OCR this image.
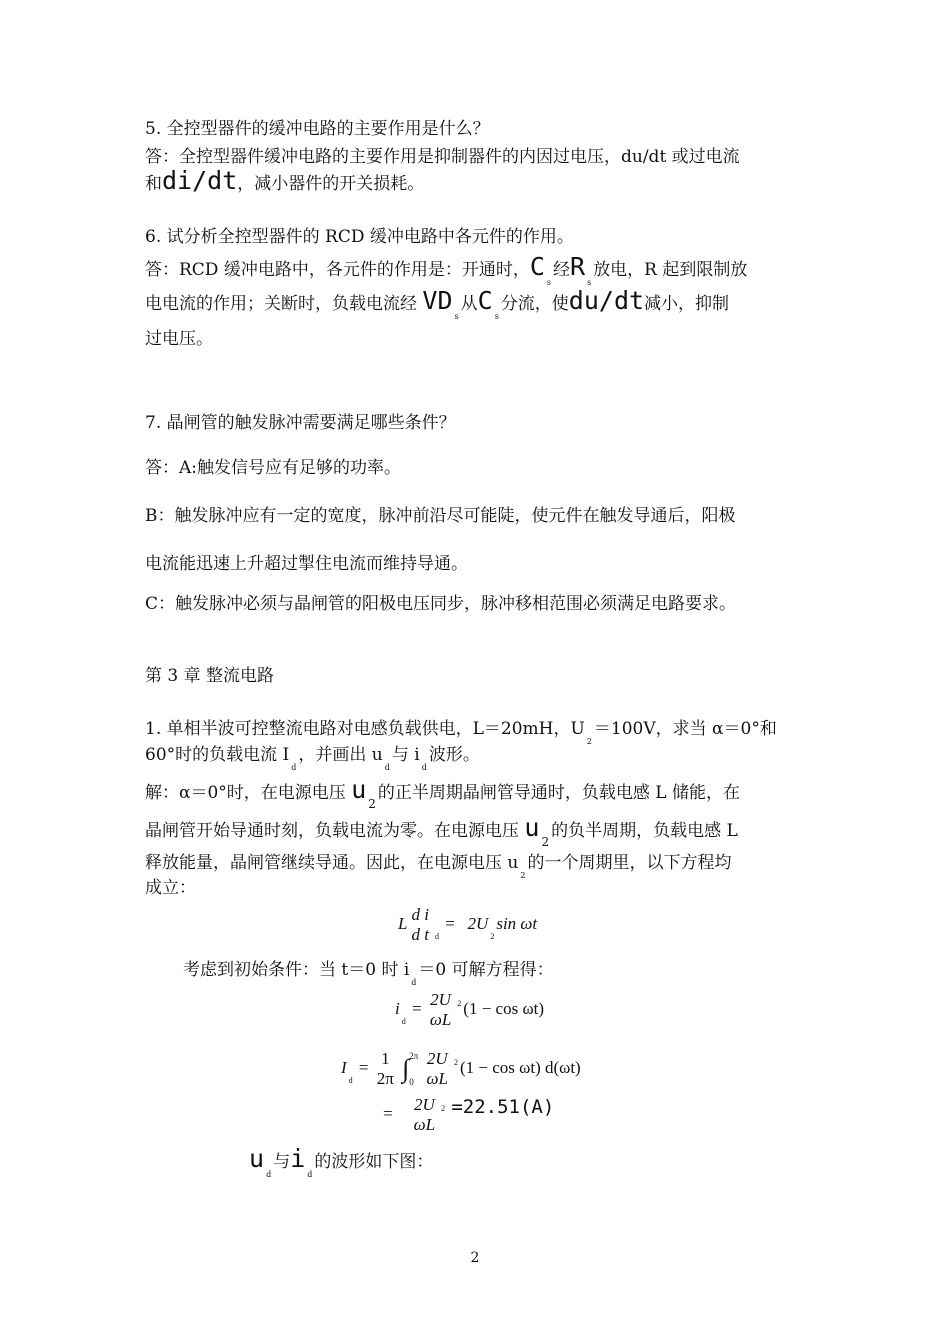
5. 全控型器件的缓冲电路的主要作用是什么？
答：全控型器件缓冲电路的主要作用是抑制器件的内因过电压，du/dt 或过电流
和di/dt，减小器件的开关损耗。
6. 试分析全控型器件的 RCD 缓冲电路中各元件的作用。
答：RCD 缓冲电路中，各元件的作用是：开通时，$C_s$经$R_s$放电，R 起到限制放
电电流的作用；关断时，负载电流经 $VD_s$从$C_s$分流，使du/dt减小，抑制
过电压。
7. 晶闸管的触发脉冲需要满足哪些条件？
答：A:触发信号应有足够的功率。
B：触发脉冲应有一定的宽度，脉冲前沿尽可能陡，使元件在触发导通后，阳极
电流能迅速上升超过掣住电流而维持导通。
C：触发脉冲必须与晶闸管的阳极电压同步，脉冲移相范围必须满足电路要求。
第 3 章 整流电路
1. 单相半波可控整流电路对电感负载供电，L＝20mH，$U_2=100V$，求当 α＝0°和
60°时的负载电流 $I_d$，并画出 $u_d$与 $i_d$波形。
解：α＝0°时，在电源电压 u $_2$的正半周期晶闸管导通时，负载电感 L 储能，在
晶闸管开始导通时刻，负载电流为零。在电源电压 u $_2$的负半周期，负载电感 L
释放能量，晶闸管继续导通。因此，在电源电压 $u_2$的一个周期里，以下方程均
成立：
L d i
d t $_d = 2U_2\sin$ ωt
考虑到初始条件：当 t＝0 时 $i_d=0$ 可解方程得：
$i_d = 2U$
ωL
$^2$ (1 − cos ωt)
$I_d = 1$
2π ∫ 2π
0

2U
ωL
$^2$ (1 − cos ωt) d(ωt)
= 2U
ωL
$^2$ =22.51(A)
$u_d$与$i_d$的波形如下图：
2
